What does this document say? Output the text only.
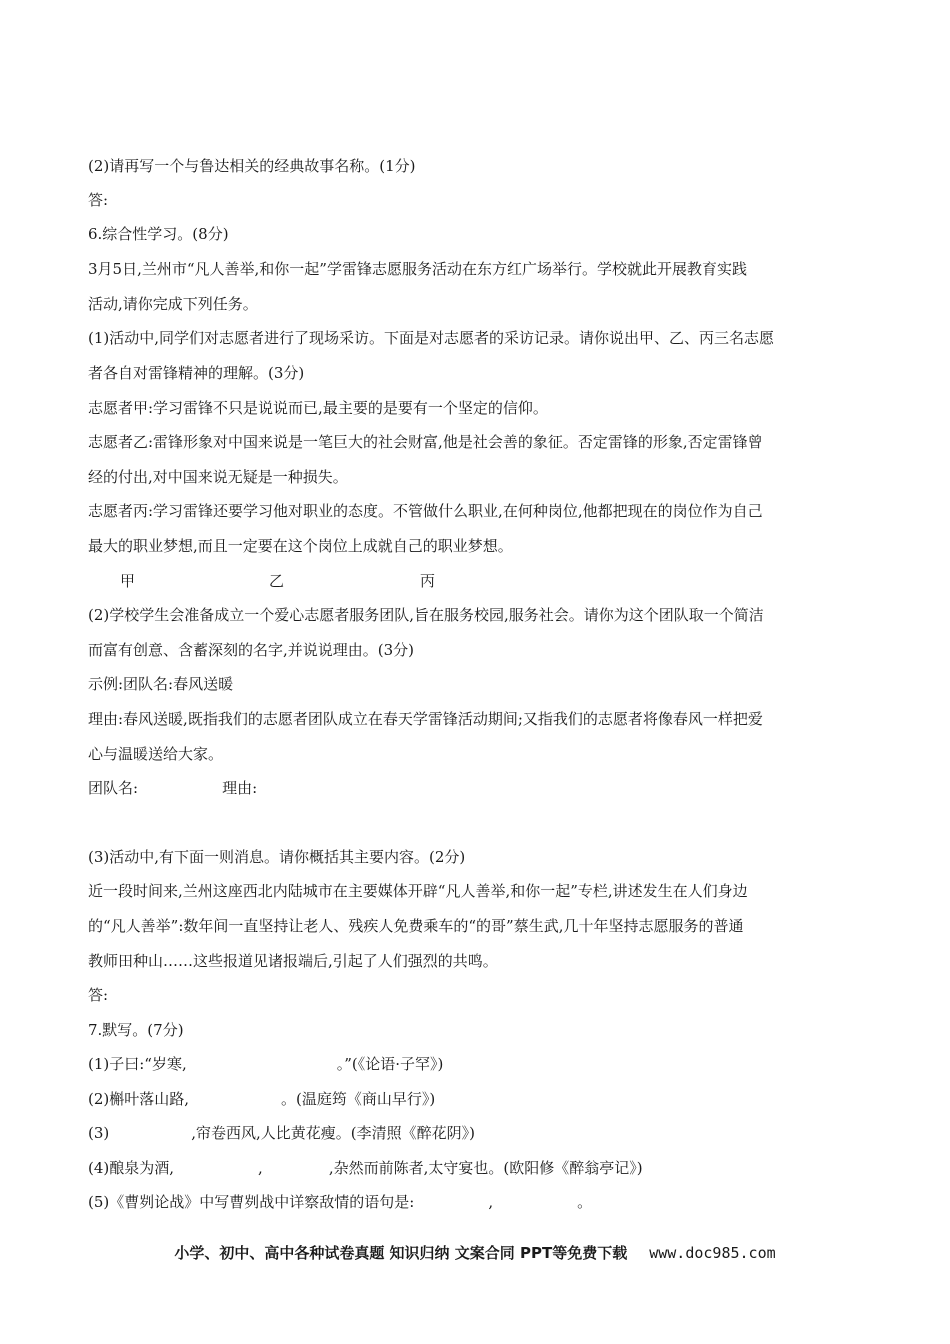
(2)请再写一个与鲁达相关的经典故事名称。(1分)
答:
6.综合性学习。(8分)
3月5日,兰州市“凡人善举,和你一起”学雷锋志愿服务活动在东方红广场举行。学校就此开展教育实践
活动,请你完成下列任务。
(1)活动中,同学们对志愿者进行了现场采访。下面是对志愿者的采访记录。请你说出甲、乙、丙三名志愿
者各自对雷锋精神的理解。(3分)
志愿者甲:学习雷锋不只是说说而已,最主要的是要有一个坚定的信仰。
志愿者乙:雷锋形象对中国来说是一笔巨大的社会财富,他是社会善的象征。否定雷锋的形象,否定雷锋曾
经的付出,对中国来说无疑是一种损失。
志愿者丙:学习雷锋还要学习他对职业的态度。不管做什么职业,在何种岗位,他都把现在的岗位作为自己
最大的职业梦想,而且一定要在这个岗位上成就自己的职业梦想。
甲	乙	丙
(2)学校学生会准备成立一个爱心志愿者服务团队,旨在服务校园,服务社会。请你为这个团队取一个简洁
而富有创意、含蓄深刻的名字,并说说理由。(3分)
示例:团队名:春风送暖
理由:春风送暖,既指我们的志愿者团队成立在春天学雷锋活动期间;又指我们的志愿者将像春风一样把爱
心与温暖送给大家。
团队名:	理由:
(3)活动中,有下面一则消息。请你概括其主要内容。(2分)
近一段时间来,兰州这座西北内陆城市在主要媒体开辟“凡人善举,和你一起”专栏,讲述发生在人们身边
的“凡人善举”:数年间一直坚持让老人、残疾人免费乘车的“的哥”蔡生武,几十年坚持志愿服务的普通
教师田种山……这些报道见诸报端后,引起了人们强烈的共鸣。
答:
7.默写。(7分)
(1)子曰:“岁寒,	。”(《论语·子罕》)
(2)槲叶落山路,	。(温庭筠《商山早行》)
(3)	,帘卷西风,人比黄花瘦。(李清照《醉花阴》)
(4)酿泉为酒,	,	,杂然而前陈者,太守宴也。(欧阳修《醉翁亭记》)
(5)《曹刿论战》中写曹刿战中详察敌情的语句是:	,	。
小学、初中、高中各种试卷真题 知识归纳 文案合同 PPT等免费下载 www.doc985.com
